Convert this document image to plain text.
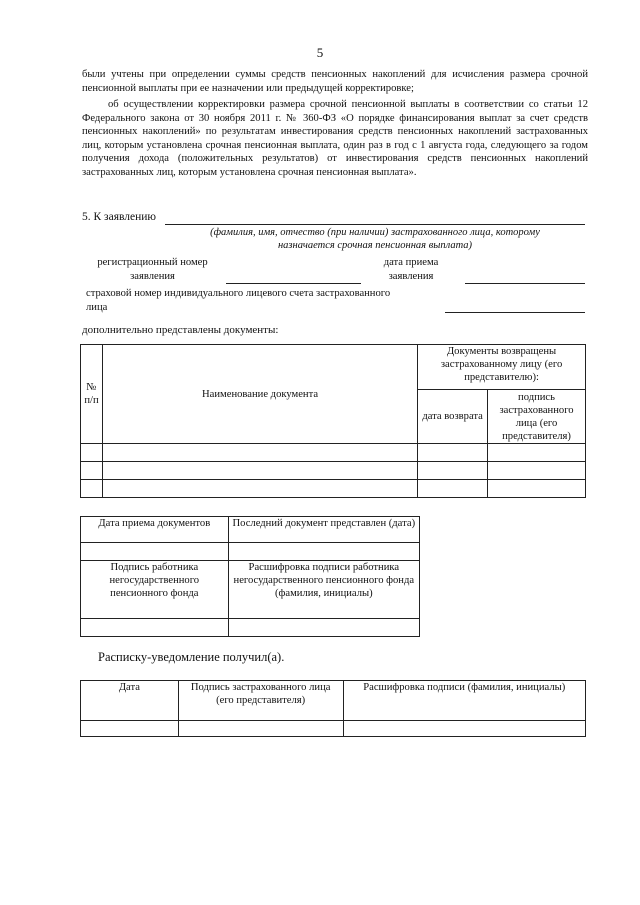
5
были учтены при определении суммы средств пенсионных накоплений для исчисления размера срочной пенсионной выплаты при ее назначении или предыдущей корректировке;
об осуществлении корректировки размера срочной пенсионной выплаты в соответствии со статьи 12 Федерального закона от 30 ноября 2011 г. № 360-ФЗ «О порядке финансирования выплат за счет средств пенсионных накоплений» по результатам инвестирования средств пенсионных накоплений застрахованных лиц, которым установлена срочная пенсионная выплата, один раз в год с 1 августа года, следующего за годом получения дохода (положительных результатов) от инвестирования средств пенсионных накоплений застрахованных лиц, которым установлена срочная пенсионная выплата».
5. К заявлению
(фамилия, имя, отчество (при наличии) застрахованного лица, которому
назначается срочная пенсионная выплата)
регистрационный номер
заявления
дата приема
заявления
страховой номер индивидуального лицевого счета застрахованного
лица
дополнительно представлены документы:
№
п/п	Наименование документа	Документы возвращены застрахованному лицу (его представителю):	
		дата возврата	подпись застрахованного лица (его представителя)

Дата приема документов	Последний документ представлен (дата)

Подпись работника негосударственного пенсионного фонда	Расшифровка подписи работника негосударственного пенсионного фонда (фамилия, инициалы)

Расписку-уведомление получил(а).
Дата	Подпись застрахованного лица (его представителя)	Расшифровка подписи (фамилия, инициалы)
